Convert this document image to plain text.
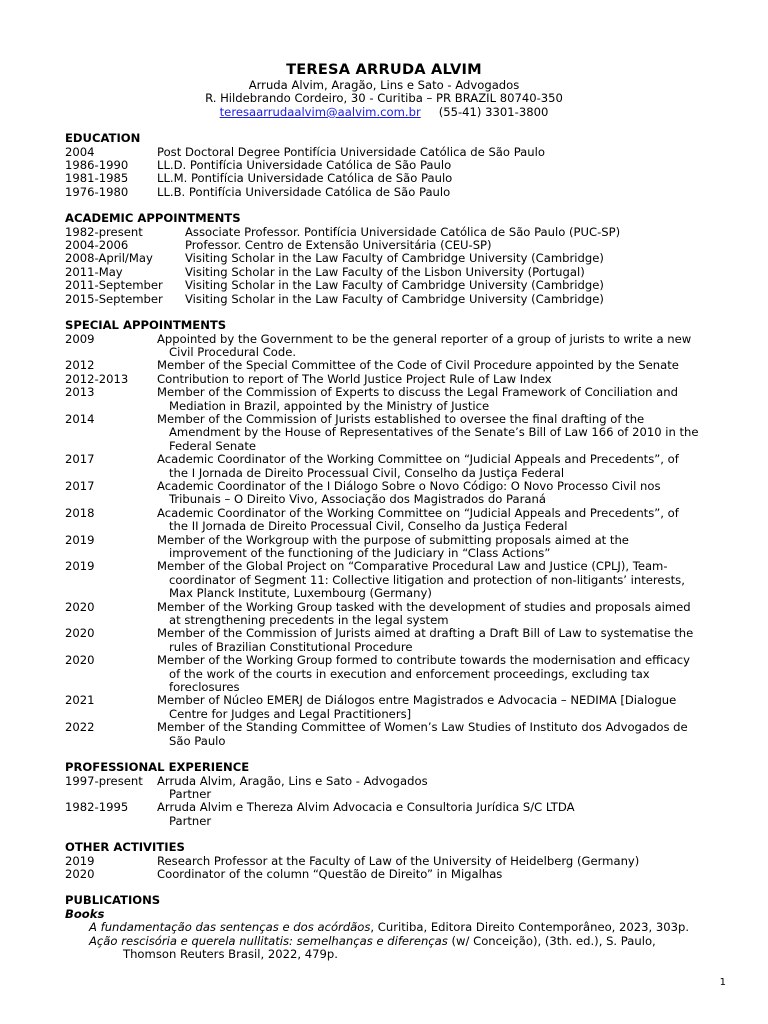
TERESA ARRUDA ALVIM
Arruda Alvim, Aragão, Lins e Sato - Advogados
R. Hildebrando Cordeiro, 30 - Curitiba – PR BRAZIL 80740-350
teresaarrudaalvim@aalvim.com.br (55-41) 3301-3800
EDUCATION
2004	Post Doctoral Degree Pontifícia Universidade Católica de São Paulo
1986-1990	LL.D. Pontifícia Universidade Católica de São Paulo
1981-1985	LL.M. Pontifícia Universidade Católica de São Paulo
1976-1980	LL.B. Pontifícia Universidade Católica de São Paulo
ACADEMIC APPOINTMENTS
1982-present	Associate Professor. Pontifícia Universidade Católica de São Paulo (PUC-SP)
2004-2006	Professor. Centro de Extensão Universitária (CEU-SP)
2008-April/May	Visiting Scholar in the Law Faculty of Cambridge University (Cambridge)
2011-May	Visiting Scholar in the Law Faculty of the Lisbon University (Portugal)
2011-September	Visiting Scholar in the Law Faculty of Cambridge University (Cambridge)
2015-September	Visiting Scholar in the Law Faculty of Cambridge University (Cambridge)
SPECIAL APPOINTMENTS
2009	Appointed by the Government to be the general reporter of a group of jurists to write a new
Civil Procedural Code.
2012	Member of the Special Committee of the Code of Civil Procedure appointed by the Senate
2012-2013	Contribution to report of The World Justice Project Rule of Law Index
2013	Member of the Commission of Experts to discuss the Legal Framework of Conciliation and
Mediation in Brazil, appointed by the Ministry of Justice
2014	Member of the Commission of Jurists established to oversee the final drafting of the
Amendment by the House of Representatives of the Senate’s Bill of Law 166 of 2010 in the
Federal Senate
2017	Academic Coordinator of the Working Committee on “Judicial Appeals and Precedents”, of
the I Jornada de Direito Processual Civil, Conselho da Justiça Federal
2017	Academic Coordinator of the I Diálogo Sobre o Novo Código: O Novo Processo Civil nos
Tribunais – O Direito Vivo, Associação dos Magistrados do Paraná
2018	Academic Coordinator of the Working Committee on “Judicial Appeals and Precedents”, of
the II Jornada de Direito Processual Civil, Conselho da Justiça Federal
2019	Member of the Workgroup with the purpose of submitting proposals aimed at the
improvement of the functioning of the Judiciary in “Class Actions”
2019	Member of the Global Project on “Comparative Procedural Law and Justice (CPLJ), Team-
coordinator of Segment 11: Collective litigation and protection of non-litigants’ interests,
Max Planck Institute, Luxembourg (Germany)
2020	Member of the Working Group tasked with the development of studies and proposals aimed
at strengthening precedents in the legal system
2020	Member of the Commission of Jurists aimed at drafting a Draft Bill of Law to systematise the
rules of Brazilian Constitutional Procedure
2020	Member of the Working Group formed to contribute towards the modernisation and efficacy
of the work of the courts in execution and enforcement proceedings, excluding tax
foreclosures
2021	Member of Núcleo EMERJ de Diálogos entre Magistrados e Advocacia – NEDIMA [Dialogue
Centre for Judges and Legal Practitioners]
2022	Member of the Standing Committee of Women’s Law Studies of Instituto dos Advogados de
São Paulo
PROFESSIONAL EXPERIENCE
1997-present	Arruda Alvim, Aragão, Lins e Sato - Advogados
Partner
1982-1995	Arruda Alvim e Thereza Alvim Advocacia e Consultoria Jurídica S/C LTDA
Partner
OTHER ACTIVITIES
2019	Research Professor at the Faculty of Law of the University of Heidelberg (Germany)
2020	Coordinator of the column “Questão de Direito” in Migalhas
PUBLICATIONS
Books
A fundamentação das sentenças e dos acórdãos, Curitiba, Editora Direito Contemporâneo, 2023, 303p.
Ação rescisória e querela nullitatis: semelhanças e diferenças (w/ Conceição), (3th. ed.), S. Paulo,
Thomson Reuters Brasil, 2022, 479p.
1
